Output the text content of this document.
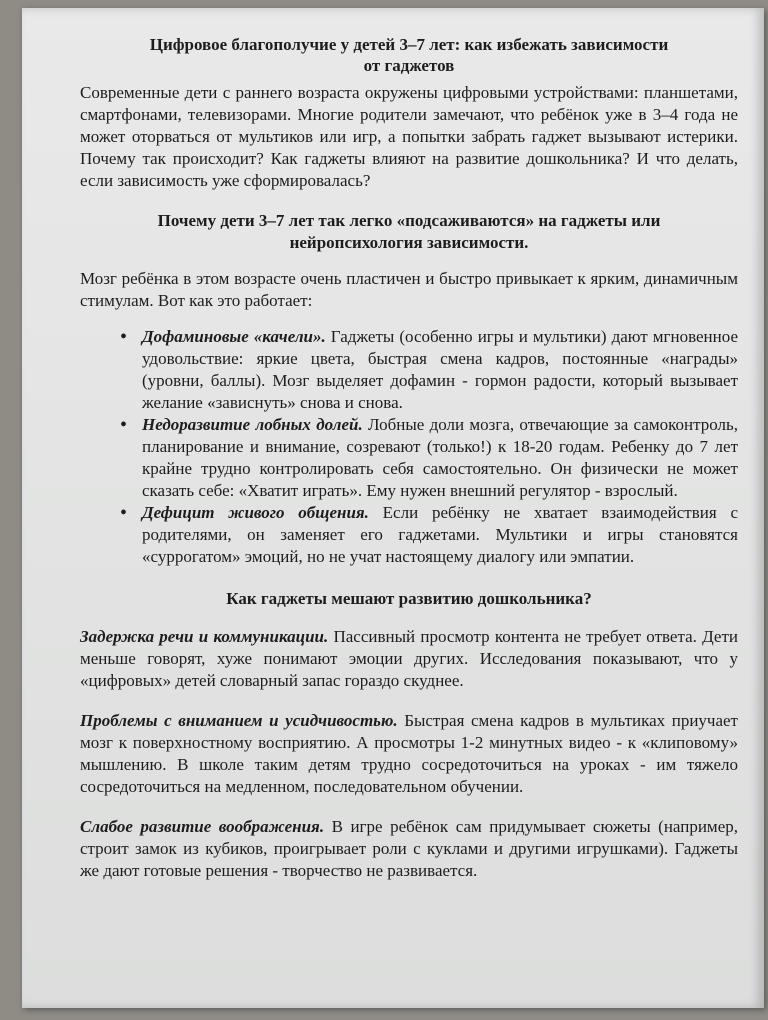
Цифровое благополучие у детей 3–7 лет: как избежать зависимости
от гаджетов

Современные дети с раннего возраста окружены цифровыми устройствами: планшетами, смартфонами, телевизорами. Многие родители замечают, что ребёнок уже в 3–4 года не может оторваться от мультиков или игр, а попытки забрать гаджет вызывают истерики. Почему так происходит? Как гаджеты влияют на развитие дошкольника? И что делать, если зависимость уже сформировалась?

Почему дети 3–7 лет так легко «подсаживаются» на гаджеты или
нейропсихология зависимости.

Мозг ребёнка в этом возрасте очень пластичен и быстро привыкает к ярким, динамичным стимулам. Вот как это работает:

• Дофаминовые «качели». Гаджеты (особенно игры и мультики) дают мгновенное удовольствие: яркие цвета, быстрая смена кадров, постоянные «награды» (уровни, баллы). Мозг выделяет дофамин - гормон радости, который вызывает желание «зависнуть» снова и снова.
• Недоразвитие лобных долей. Лобные доли мозга, отвечающие за самоконтроль, планирование и внимание, созревают (только!) к 18-20 годам. Ребенку до 7 лет крайне трудно контролировать себя самостоятельно. Он физически не может сказать себе: «Хватит играть». Ему нужен внешний регулятор - взрослый.
• Дефицит живого общения. Если ребёнку не хватает взаимодействия с родителями, он заменяет его гаджетами. Мультики и игры становятся «суррогатом» эмоций, но не учат настоящему диалогу или эмпатии.
Как гаджеты мешают развитию дошкольника?

Задержка речи и коммуникации. Пассивный просмотр контента не требует ответа. Дети меньше говорят, хуже понимают эмоции других. Исследования показывают, что у «цифровых» детей словарный запас гораздо скуднее.

Проблемы с вниманием и усидчивостью. Быстрая смена кадров в мультиках приучает мозг к поверхностному восприятию. А просмотры 1-2 минутных видео - к «клиповому» мышлению. В школе таким детям трудно сосредоточиться на уроках - им тяжело сосредоточиться на медленном, последовательном обучении.

Слабое развитие воображения. В игре ребёнок сам придумывает сюжеты (например, строит замок из кубиков, проигрывает роли с куклами и другими игрушками). Гаджеты же дают готовые решения - творчество не развивается.
